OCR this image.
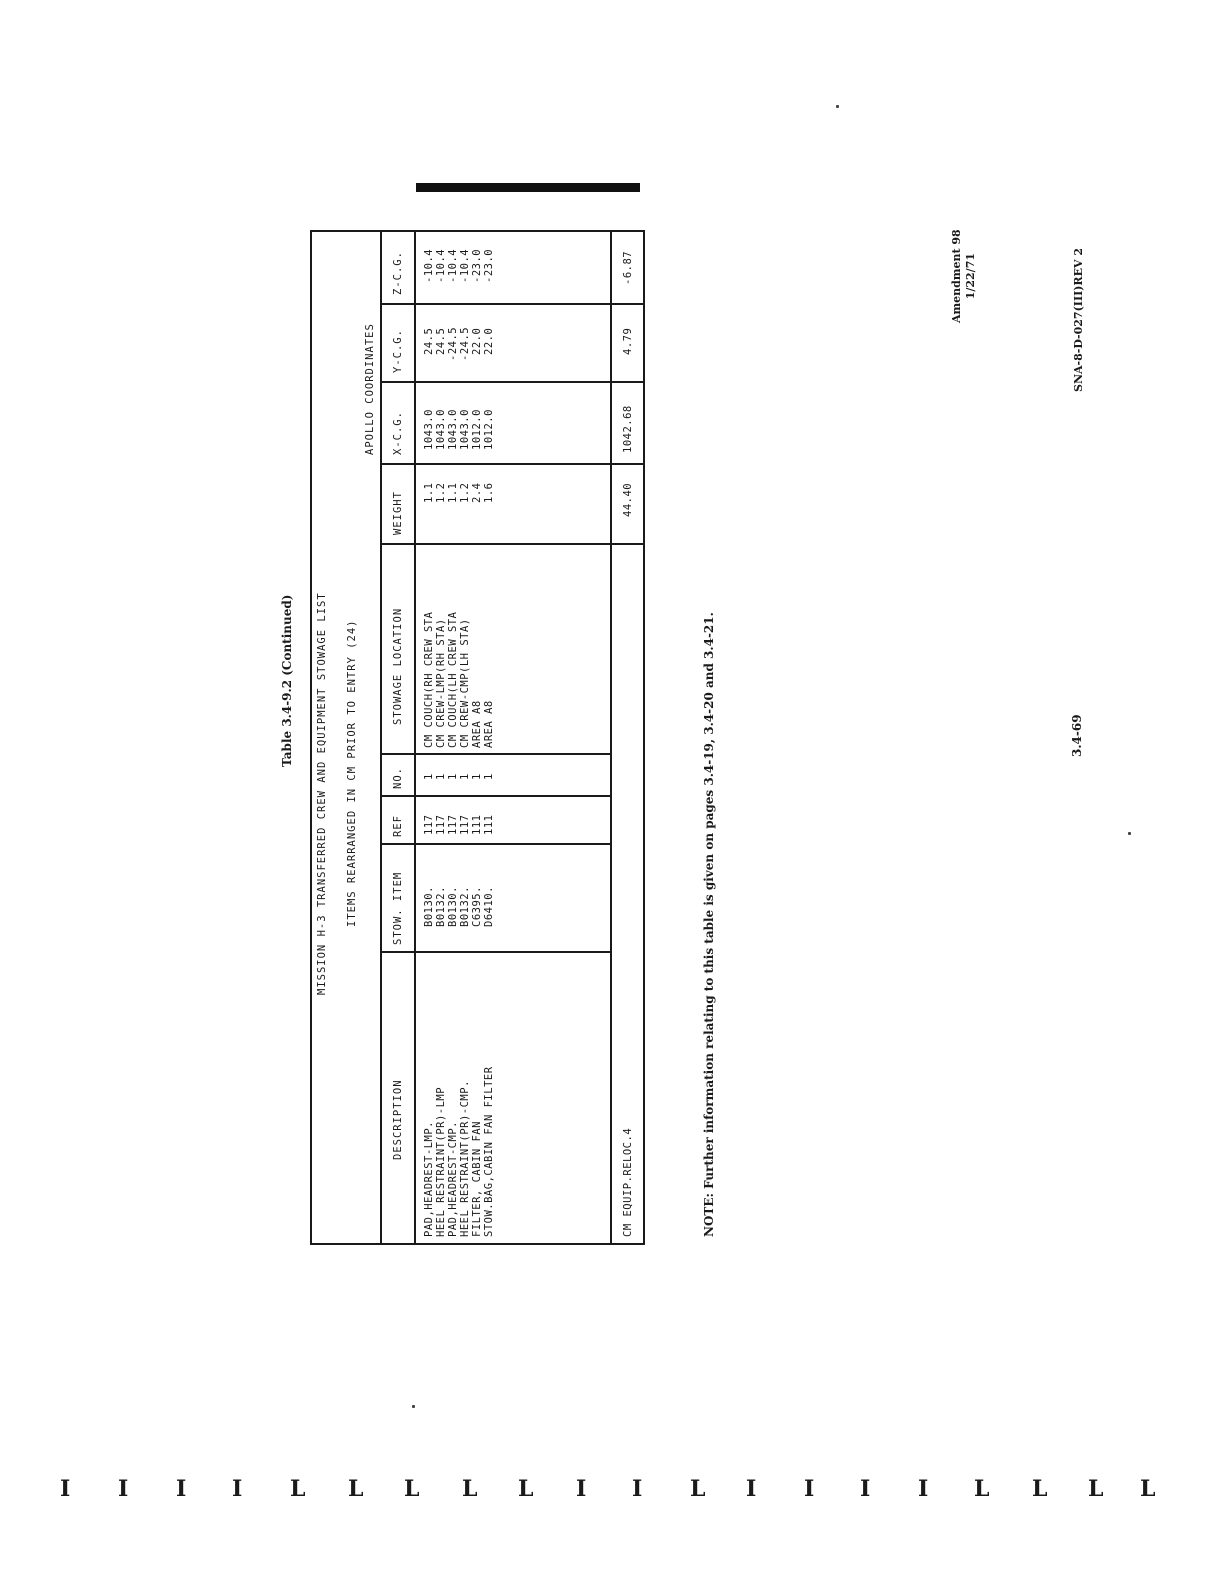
Amendment 98 1/22/71	SNA-8-D-027(III)REV 2
Table 3.4-9.2 (Continued)	3.4-69
NOTE: Further information relating to this table is given on pages 3.4-19, 3.4-20 and 3.4-21.
MISSION H-3 TRANSFERRED CREW AND EQUIPMENT STOWAGE LIST ITEMS REARRANGED IN CM PRIOR TO ENTRY (24)
APOLLO COORDINATES
DESCRIPTION
STOW. ITEM
REF
NO.
STOWAGE LOCATION
WEIGHT
X-C.G.
Y-C.G.
Z-C.G.
PAD,HEADREST-LMP.
B0130.
117
1
CM COUCH(RH CREW STA
1.1
1043.0
24.5
-10.4
HEEL RESTRAINT(PR)-LMP
B0132.
117
1
CM CREW-LMP(RH STA)
1.2
1043.0
24.5
-10.4
PAD,HEADREST-CMP.
B0130.
117
1
CM COUCH(LH CREW STA
1.1
1043.0
-24.5
-10.4
HEEL RESTRAINT(PR)-CMP.
B0132.
117
1
CM CREW-CMP(LH STA)
1.2
1043.0
-24.5
-10.4
FILTER, CABIN FAN
C6395.
111
1
AREA A8
2.4
1012.0
22.0
-23.0
STOW.BAG,CABIN FAN FILTER
D6410.
111
1
AREA A8
1.6
1012.0
22.0
-23.0
CM EQUIP.RELOC.4
44.40
1042.68
4.79
-6.87
I I I I L L L L L I I L I I I I L L L L
